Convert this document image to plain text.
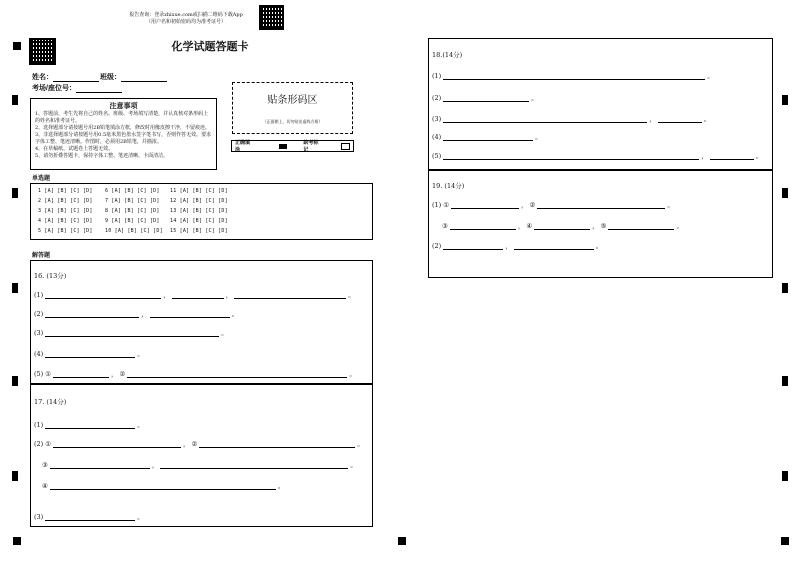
报告查询：登录zhixue.com或扫描二维码下载App
（用户名和初始密码均为准考证号）
化学试题答题卡
姓名：	班级：
考场/座位号：
注意事项
1、答题前，考生先将自己的姓名、班级、考场填写清楚，并认真核对条形码上的姓名和准考证号。
2、选择题部分请按题号用2B铅笔填涂方框，修改时用橡皮擦干净，不留痕迹。
3、非选择题部分请按题号用0.5毫米黑色墨水签字笔书写，否则作答无效。要求字体工整、笔迹清晰。作图时，必须用2B铅笔，并描浓。
4、在草稿纸、试题卷上答题无效。
5、请勿折叠答题卡，保持字体工整、笔迹清晰、卡面清洁。
贴条形码区
（正面朝上，切勿贴出虚线方框）
正确填涂
缺考标记
单选题
1 [A] [B] [C] [D] 6 [A] [B] [C] [D] 11 [A] [B] [C] [D]
2 [A] [B] [C] [D] 7 [A] [B] [C] [D] 12 [A] [B] [C] [D]
3 [A] [B] [C] [D] 8 [A] [B] [C] [D] 13 [A] [B] [C] [D]
4 [A] [B] [C] [D] 9 [A] [B] [C] [D] 14 [A] [B] [C] [D]
5 [A] [B] [C] [D] 10 [A] [B] [C] [D] 15 [A] [B] [C] [D]
解答题
16. (13分)
(1)	，	，	。
(2)	，	。
(3)	。
(4)	。
(5) ①	， ②	。
17. (14分)
(1)	。
(2) ①	， ②	。
③	，	。
④	。
(3)	。
18.(14分)
(1)	。
(2)	。
(3)	，	。
(4)	。
(5)	，	。
19. (14分)
(1) ①	， ②	。
③	， ④	， ⑤	。
(2)	，	。
